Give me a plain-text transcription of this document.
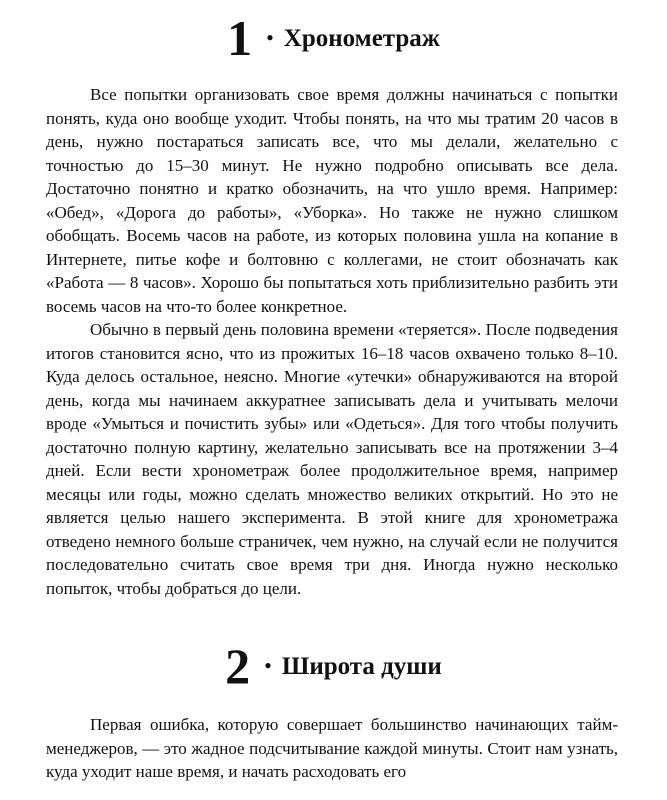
1 • Хронометраж

Все попытки организовать свое время должны начинаться с попытки понять, куда оно вообще уходит. Чтобы понять, на что мы тратим 20 часов в день, нужно постараться записать все, что мы делали, желательно с точностью до 15–30 минут. Не нужно подробно описывать все дела. Достаточно понятно и кратко обозначить, на что ушло время. Например: «Обед», «Дорога до работы», «Уборка». Но также не нужно слишком обобщать. Восемь часов на работе, из которых половина ушла на копание в Интернете, питье кофе и болтовню с коллегами, не стоит обозначать как «Работа — 8 часов». Хорошо бы попытаться хоть приблизительно разбить эти восемь часов на что-то более конкретное.

Обычно в первый день половина времени «теряется». После подведения итогов становится ясно, что из прожитых 16–18 часов охвачено только 8–10. Куда делось остальное, неясно. Многие «утечки» обнаруживаются на второй день, когда мы начинаем аккуратнее записывать дела и учитывать мелочи вроде «Умыться и почистить зубы» или «Одеться». Для того чтобы получить достаточно полную картину, желательно записывать все на протяжении 3–4 дней. Если вести хронометраж более продолжительное время, например месяцы или годы, можно сделать множество великих открытий. Но это не является целью нашего эксперимента. В этой книге для хронометража отведено немного больше страничек, чем нужно, на случай если не получится последовательно считать свое время три дня. Иногда нужно несколько попыток, чтобы добраться до цели.

2 • Широта души

Первая ошибка, которую совершает большинство начинающих тайм-менеджеров, — это жадное подсчитывание каждой минуты. Стоит нам узнать, куда уходит наше время, и начать расходовать его
